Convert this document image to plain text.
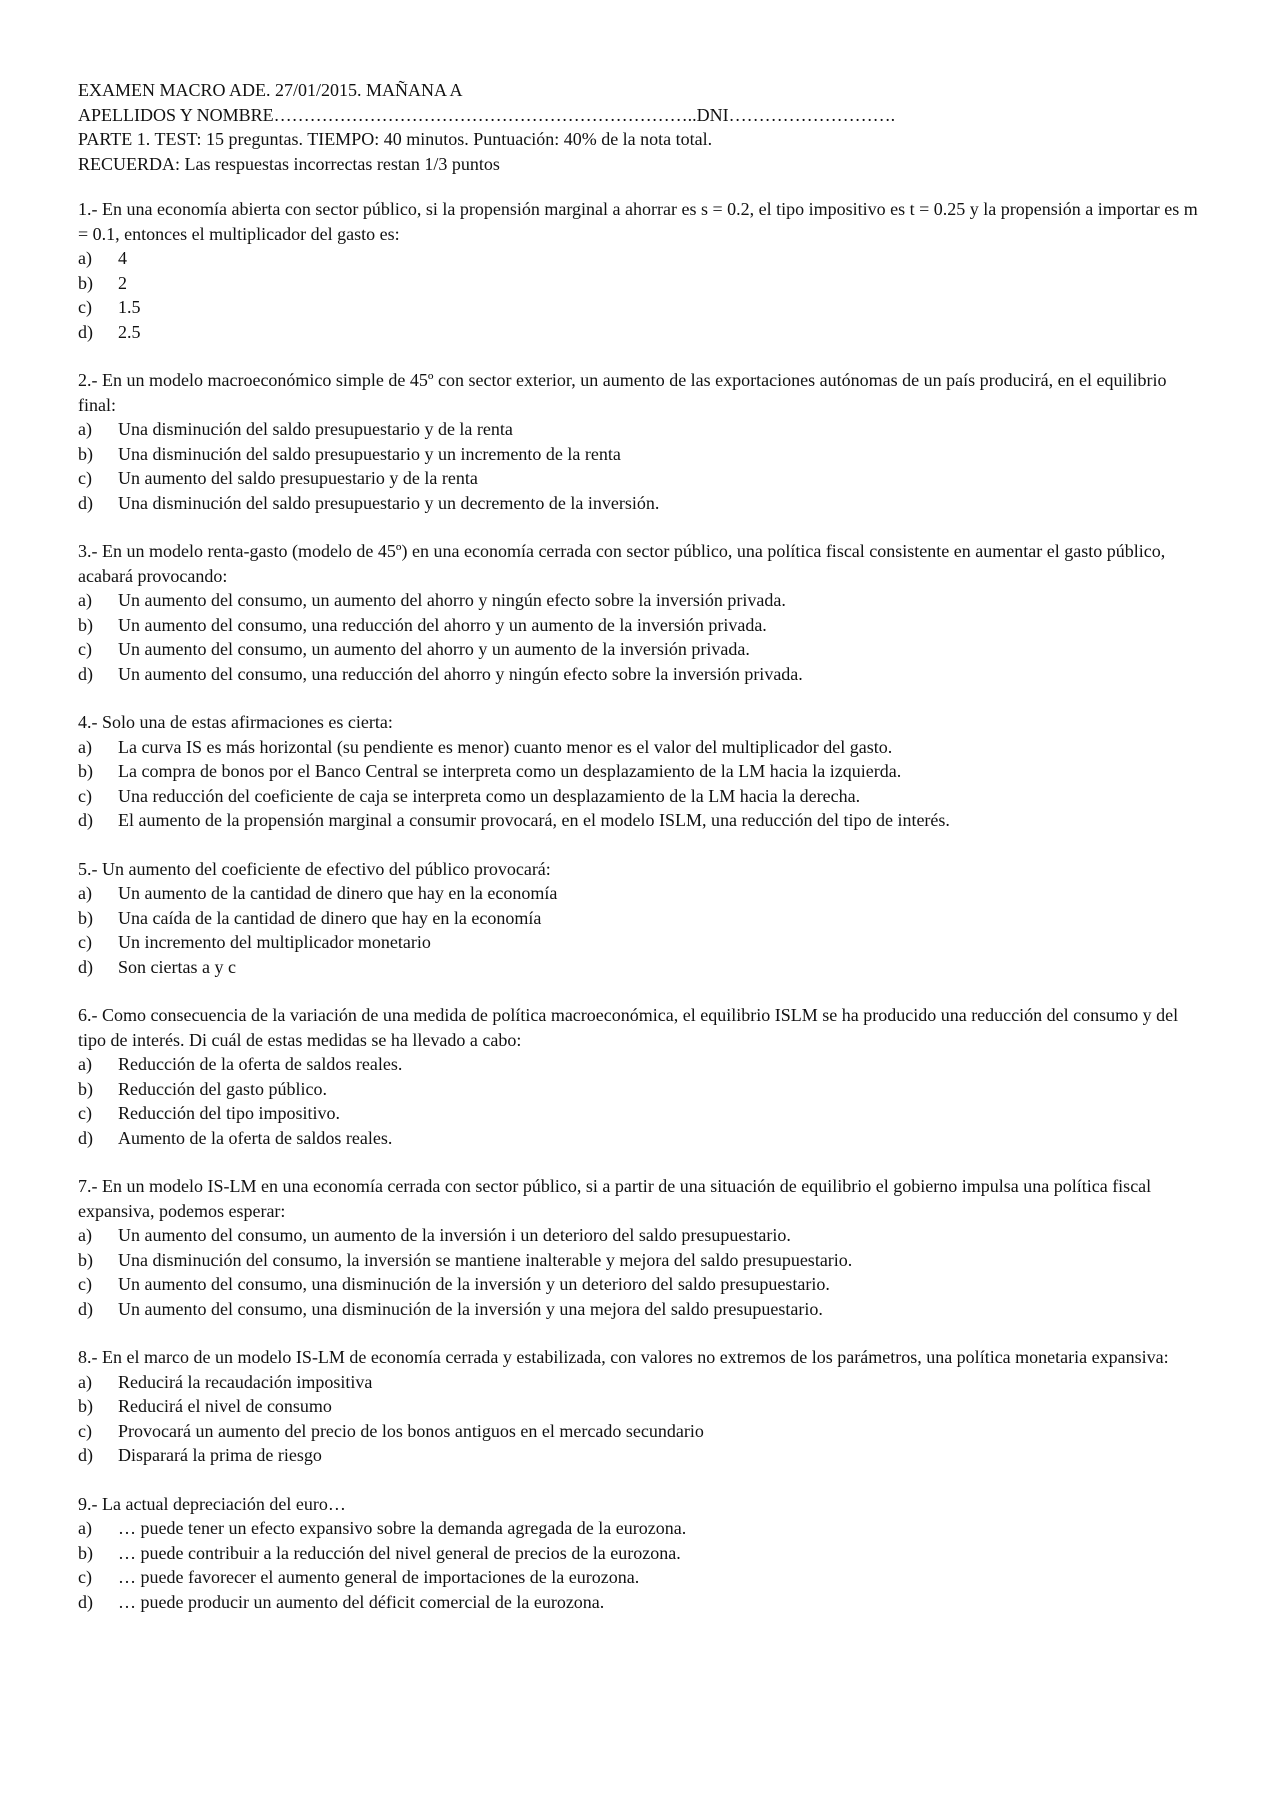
EXAMEN MACRO ADE. 27/01/2015. MAÑANA A
APELLIDOS Y NOMBRE……………………………………………………………..DNI……………………….
PARTE 1. TEST: 15 preguntas. TIEMPO: 40 minutos. Puntuación: 40% de la nota total.
RECUERDA: Las respuestas incorrectas restan 1/3 puntos

1.- En una economía abierta con sector público, si la propensión marginal a ahorrar es s = 0.2, el tipo impositivo es t = 0.25 y la propensión a importar es m = 0.1, entonces el multiplicador del gasto es:

a)	4
b)	2
c)	1.5
d)	2.5

2.- En un modelo macroeconómico simple de 45º con sector exterior, un aumento de las exportaciones autónomas de un país producirá, en el equilibrio final:

a)	Una disminución del saldo presupuestario y de la renta
b)	Una disminución del saldo presupuestario y un incremento de la renta
c)	Un aumento del saldo presupuestario y de la renta
d)	Una disminución del saldo presupuestario y un decremento de la inversión.

3.- En un modelo renta-gasto (modelo de 45º) en una economía cerrada con sector público, una política fiscal consistente en aumentar el gasto público, acabará provocando:

a)	Un aumento del consumo, un aumento del ahorro y ningún efecto sobre la inversión privada.
b)	Un aumento del consumo, una reducción del ahorro y un aumento de la inversión privada.
c)	Un aumento del consumo, un aumento del ahorro y un aumento de la inversión privada.
d)	Un aumento del consumo, una reducción del ahorro y ningún efecto sobre la inversión privada.

4.- Solo una de estas afirmaciones es cierta:

a)	La curva IS es más horizontal (su pendiente es menor) cuanto menor es el valor del multiplicador del gasto.
b)	La compra de bonos por el Banco Central se interpreta como un desplazamiento de la LM hacia la izquierda.
c)	Una reducción del coeficiente de caja se interpreta como un desplazamiento de la LM hacia la derecha.
d)	El aumento de la propensión marginal a consumir provocará, en el modelo ISLM, una reducción del tipo de interés.

5.- Un aumento del coeficiente de efectivo del público provocará:

a)	Un aumento de la cantidad de dinero que hay en la economía
b)	Una caída de la cantidad de dinero que hay en la economía
c)	Un incremento del multiplicador monetario
d)	Son ciertas a y c

6.- Como consecuencia de la variación de una medida de política macroeconómica, el equilibrio ISLM se ha producido una reducción del consumo y del tipo de interés. Di cuál de estas medidas se ha llevado a cabo:

a)	Reducción de la oferta de saldos reales.
b)	Reducción del gasto público.
c)	Reducción del tipo impositivo.
d)	Aumento de la oferta de saldos reales.

7.- En un modelo IS-LM en una economía cerrada con sector público, si a partir de una situación de equilibrio el gobierno impulsa una política fiscal expansiva, podemos esperar:

a)	Un aumento del consumo, un aumento de la inversión i un deterioro del saldo presupuestario.
b)	Una disminución del consumo, la inversión se mantiene inalterable y mejora del saldo presupuestario.
c)	Un aumento del consumo, una disminución de la inversión y un deterioro del saldo presupuestario.
d)	Un aumento del consumo, una disminución de la inversión y una mejora del saldo presupuestario.

8.- En el marco de un modelo IS-LM de economía cerrada y estabilizada, con valores no extremos de los parámetros, una política monetaria expansiva:

a)	Reducirá la recaudación impositiva
b)	Reducirá el nivel de consumo
c)	Provocará un aumento del precio de los bonos antiguos en el mercado secundario
d)	Disparará la prima de riesgo

9.- La actual depreciación del euro…

a)	… puede tener un efecto expansivo sobre la demanda agregada de la eurozona.
b)	… puede contribuir a la reducción del nivel general de precios de la eurozona.
c)	… puede favorecer el aumento general de importaciones de la eurozona.
d)	… puede producir un aumento del déficit comercial de la eurozona.
